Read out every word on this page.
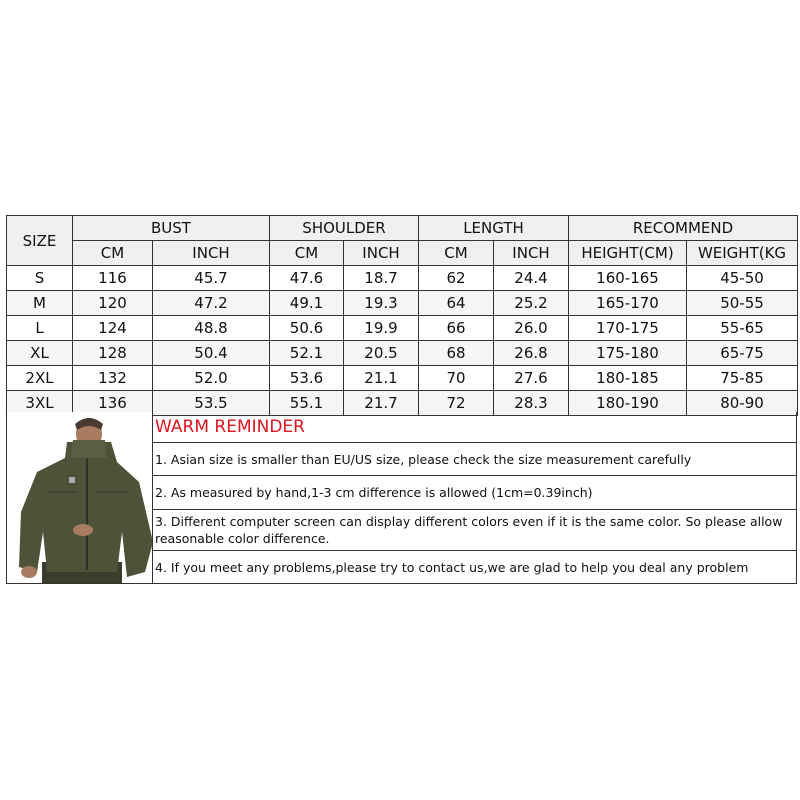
SIZE	BUST		SHOULDER		LENGTH		RECOMMEND	
	CM	INCH	CM	INCH	CM	INCH	HEIGHT(CM)	WEIGHT(KG
S	116	45.7	47.6	18.7	62	24.4	160-165	45-50
M	120	47.2	49.1	19.3	64	25.2	165-170	50-55
L	124	48.8	50.6	19.9	66	26.0	170-175	55-65
XL	128	50.4	52.1	20.5	68	26.8	175-180	65-75
2XL	132	52.0	53.6	21.1	70	27.6	180-185	75-85
3XL	136	53.5	55.1	21.7	72	28.3	180-190	80-90
WARM REMINDER
1. Asian size is smaller than EU/US size, please check the size measurement carefully
2. As measured by hand,1-3 cm difference is allowed (1cm=0.39inch)
3. Different computer screen can display different colors even if it is the same color. So please allow reasonable color difference.
4. If you meet any problems,please try to contact us,we are glad to help you deal any problem
